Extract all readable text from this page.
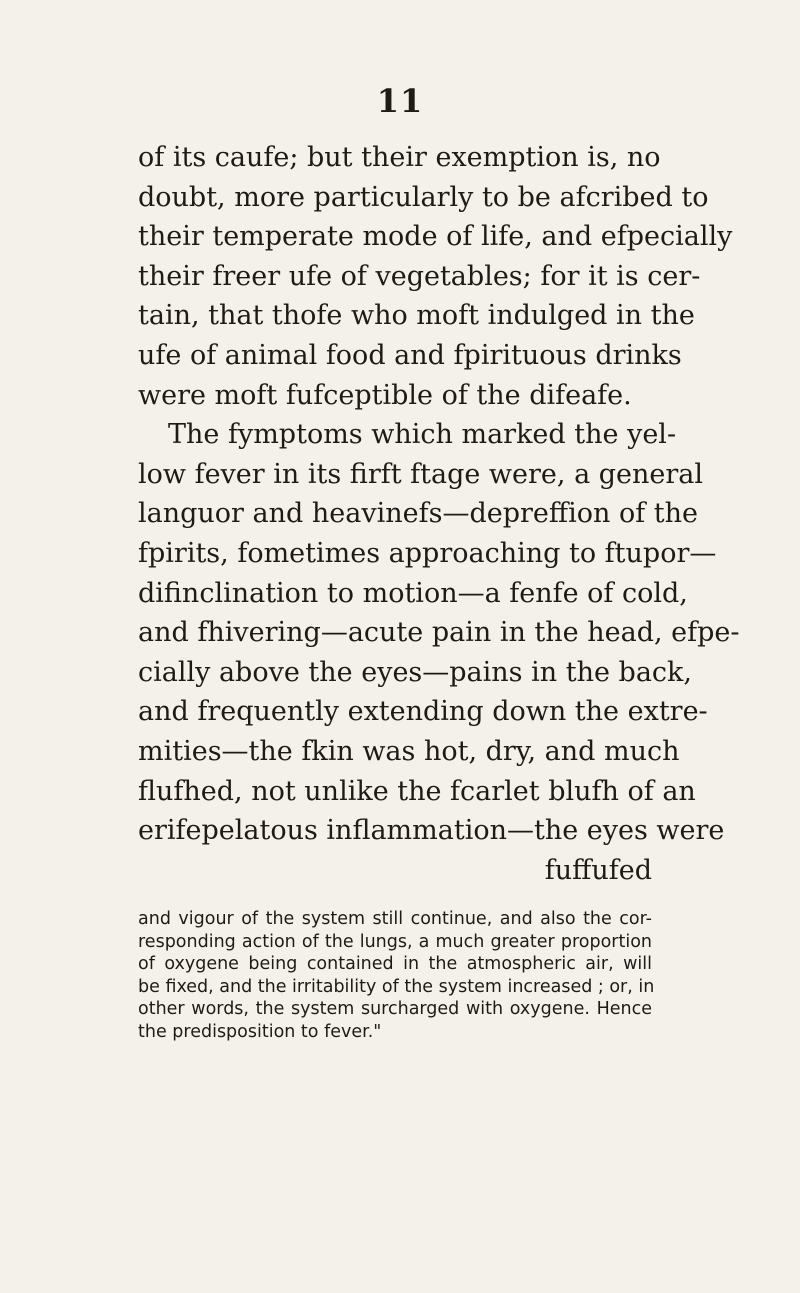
11
of its caufe; but their exemption is, no
doubt, more particularly to be afcribed to
their temperate mode of life, and efpecially
their freer ufe of vegetables; for it is cer-
tain, that thofe who moft indulged in the
ufe of animal food and fpirituous drinks
were moft fufceptible of the difeafe.
The fymptoms which marked the yel-
low fever in its firft ftage were, a general
languor and heavinefs—depreffion of the
fpirits, fometimes approaching to ftupor—
difinclination to motion—a fenfe of cold,
and fhivering—acute pain in the head, efpe-
cially above the eyes—pains in the back,
and frequently extending down the extre-
mities—the fkin was hot, dry, and much
flufhed, not unlike the fcarlet blufh of an
erifepelatous inflammation—the eyes were
fuffufed
and vigour of the system still continue, and also the cor-
responding action of the lungs, a much greater proportion
of oxygene being contained in the atmospheric air, will
be fixed, and the irritability of the system increased ; or, in
other words, the system surcharged with oxygene. Hence
the predisposition to fever."
